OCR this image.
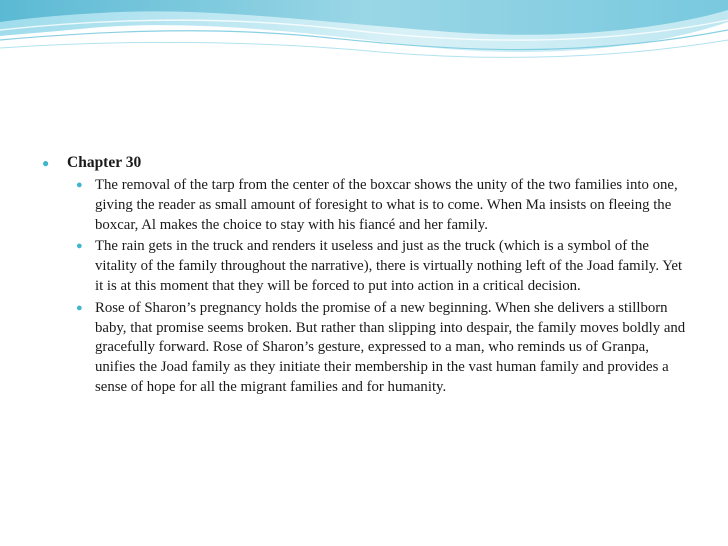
● Chapter 30
● The removal of the tarp from the center of the boxcar shows the unity of the two families into one, giving the reader as small amount of foresight to what is to come. When Ma insists on fleeing the boxcar, Al makes the choice to stay with his fiancé and her family.
● The rain gets in the truck and renders it useless and just as the truck (which is a symbol of the vitality of the family throughout the narrative), there is virtually nothing left of the Joad family. Yet it is at this moment that they will be forced to put into action in a critical decision.
● Rose of Sharon’s pregnancy holds the promise of a new beginning. When she delivers a stillborn baby, that promise seems broken. But rather than slipping into despair, the family moves boldly and gracefully forward. Rose of Sharon’s gesture, expressed to a man, who reminds us of Granpa, unifies the Joad family as they initiate their membership in the vast human family and provides a sense of hope for all the migrant families and for humanity.
